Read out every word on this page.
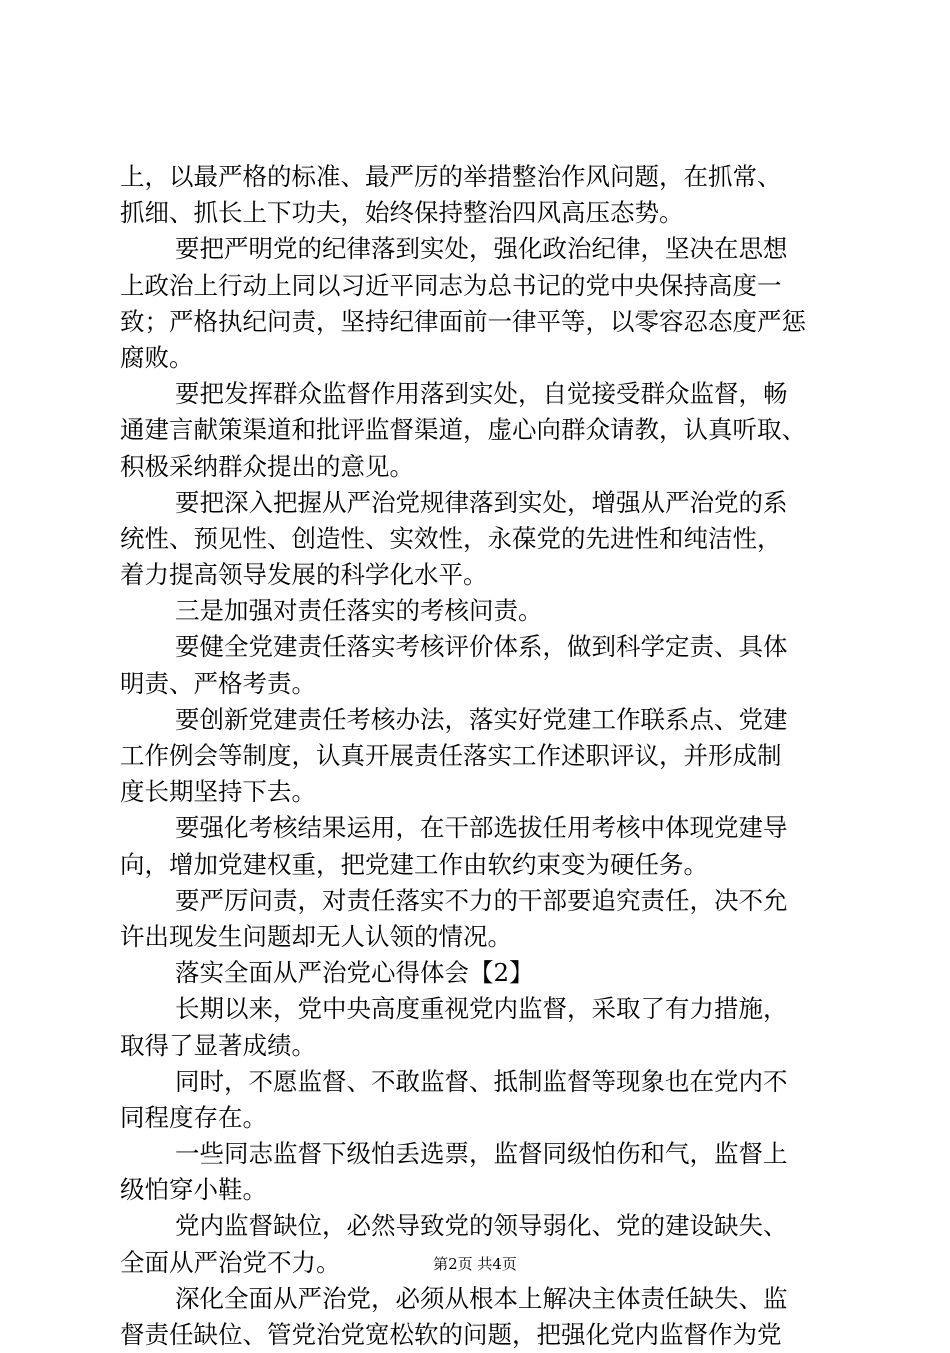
上，以最严格的标准、最严厉的举措整治作风问题，在抓常、
抓细、抓长上下功夫，始终保持整治四风高压态势。
要把严明党的纪律落到实处，强化政治纪律，坚决在思想
上政治上行动上同以习近平同志为总书记的党中央保持高度一
致；严格执纪问责，坚持纪律面前一律平等，以零容忍态度严惩
腐败。
要把发挥群众监督作用落到实处，自觉接受群众监督，畅
通建言献策渠道和批评监督渠道，虚心向群众请教，认真听取、
积极采纳群众提出的意见。
要把深入把握从严治党规律落到实处，增强从严治党的系
统性、预见性、创造性、实效性，永葆党的先进性和纯洁性，
着力提高领导发展的科学化水平。
三是加强对责任落实的考核问责。
要健全党建责任落实考核评价体系，做到科学定责、具体
明责、严格考责。
要创新党建责任考核办法，落实好党建工作联系点、党建
工作例会等制度，认真开展责任落实工作述职评议，并形成制
度长期坚持下去。
要强化考核结果运用，在干部选拔任用考核中体现党建导
向，增加党建权重，把党建工作由软约束变为硬任务。
要严厉问责，对责任落实不力的干部要追究责任，决不允
许出现发生问题却无人认领的情况。
落实全面从严治党心得体会【2】
长期以来，党中央高度重视党内监督，采取了有力措施，
取得了显著成绩。
同时，不愿监督、不敢监督、抵制监督等现象也在党内不
同程度存在。
一些同志监督下级怕丢选票，监督同级怕伤和气，监督上
级怕穿小鞋。
党内监督缺位，必然导致党的领导弱化、党的建设缺失、
全面从严治党不力。
深化全面从严治党，必须从根本上解决主体责任缺失、监
督责任缺位、管党治党宽松软的问题，把强化党内监督作为党
第2页 共4页
